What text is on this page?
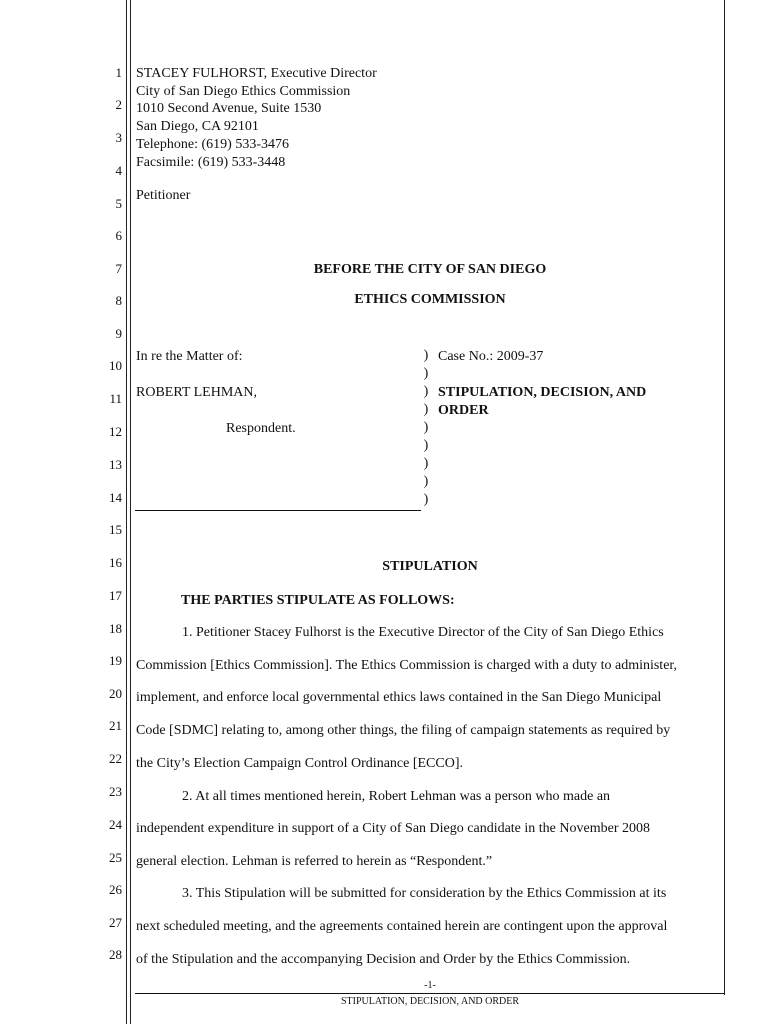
1
2
3
4
5
6
7
8
9
10
11
12
13
14
15
16
17
18
19
20
21
22
23
24
25
26
27
28
STACEY FULHORST, Executive Director
City of San Diego Ethics Commission
1010 Second Avenue, Suite 1530
San Diego, CA 92101
Telephone: (619) 533-3476
Facsimile: (619) 533-3448
Petitioner
BEFORE THE CITY OF SAN DIEGO
ETHICS COMMISSION
In re the Matter of:
ROBERT LEHMAN,
Respondent.
)
)
)
)
)
)
)
)
)
Case No.: 2009-37
STIPULATION, DECISION, AND
ORDER
STIPULATION
THE PARTIES STIPULATE AS FOLLOWS:
1. Petitioner Stacey Fulhorst is the Executive Director of the City of San Diego Ethics
Commission [Ethics Commission]. The Ethics Commission is charged with a duty to administer,
implement, and enforce local governmental ethics laws contained in the San Diego Municipal
Code [SDMC] relating to, among other things, the filing of campaign statements as required by
the City’s Election Campaign Control Ordinance [ECCO].
2. At all times mentioned herein, Robert Lehman was a person who made an
independent expenditure in support of a City of San Diego candidate in the November 2008
general election. Lehman is referred to herein as “Respondent.”
3. This Stipulation will be submitted for consideration by the Ethics Commission at its
next scheduled meeting, and the agreements contained herein are contingent upon the approval
of the Stipulation and the accompanying Decision and Order by the Ethics Commission.
-1-
STIPULATION, DECISION, AND ORDER
